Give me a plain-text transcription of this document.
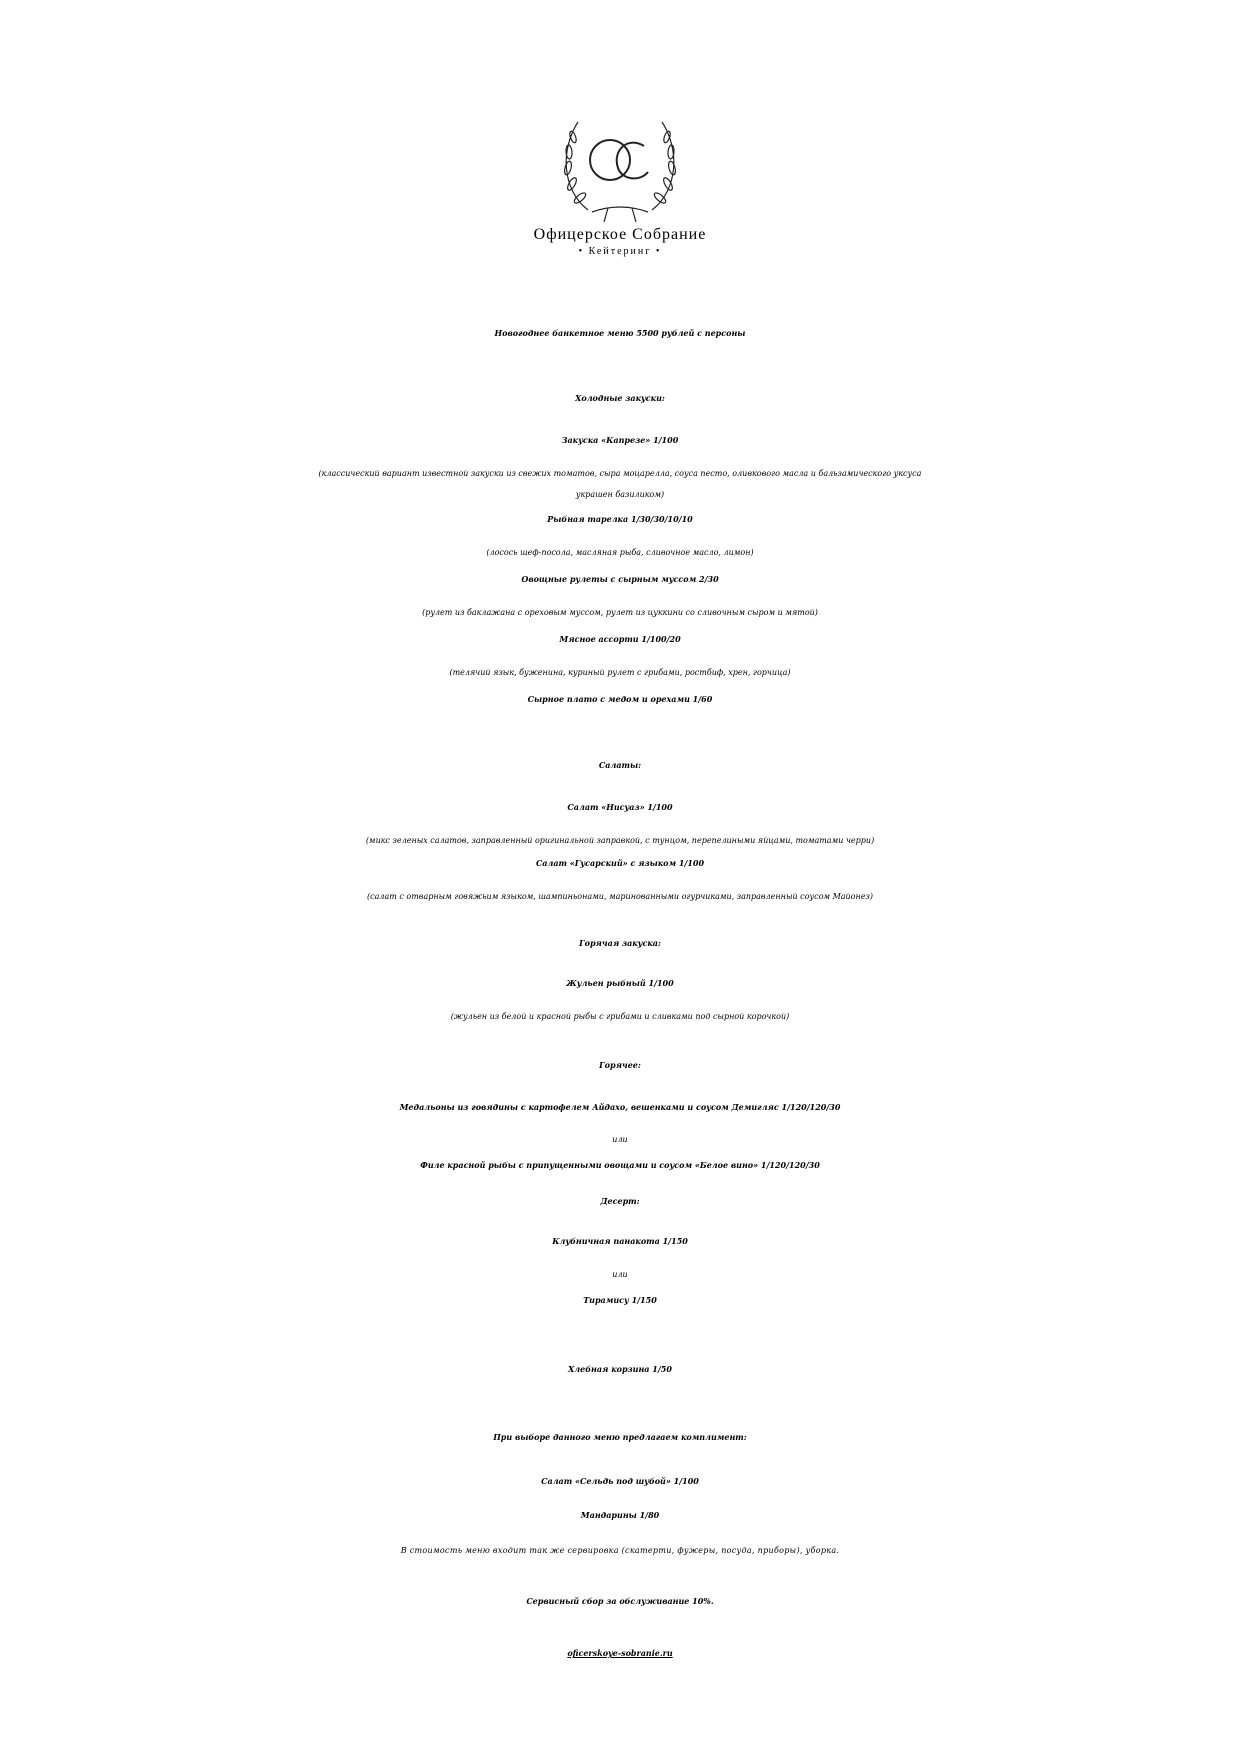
Офицерское Собрание
• Кейтеринг •
Новогоднее банкетное меню 5500 рублей с персоны
Холодные закуски:
Закуска «Капрезе» 1/100
(классический вариант известной закуски из свежих томатов, сыра моцарелла, соуса песто, оливкового масла и бальзамического уксуса
украшен базиликом)
Рыбная тарелка 1/30/30/10/10
(лосось шеф-посола, масляная рыба, сливочное масло, лимон)
Овощные рулеты с сырным муссом 2/30
(рулет из баклажана с ореховым муссом, рулет из цуккини со сливочным сыром и мятой)
Мясное ассорти 1/100/20
(телячий язык, буженина, куриный рулет с грибами, ростбиф, хрен, горчица)
Сырное плато с медом и орехами 1/60
Салаты:
Салат «Нисуаз» 1/100
(микс зеленых салатов, заправленный оригинальной заправкой, с тунцом, перепелиными яйцами, томатами черри)
Салат «Гусарский» с языком 1/100
(салат с отварным говяжьим языком, шампиньонами, маринованными огурчиками, заправленный соусом Майонез)
Горячая закуска:
Жульен рыбный 1/100
(жульен из белой и красной рыбы с грибами и сливками под сырной корочкой)
Горячее:
Медальоны из говядины с картофелем Айдахо, вешенками и соусом Демигляс 1/120/120/30
или
Филе красной рыбы с припущенными овощами и соусом «Белое вино» 1/120/120/30
Десерт:
Клубничная панакота 1/150
или
Тирамису 1/150
Хлебная корзина 1/50
При выборе данного меню предлагаем комплимент:
Салат «Сельдь под шубой» 1/100
Мандарины 1/80
В стоимость меню входит так же сервировка (скатерти, фужеры, посуда, приборы), уборка.
Сервисный сбор за обслуживание 10%.
oficerskoye-sobranie.ru
